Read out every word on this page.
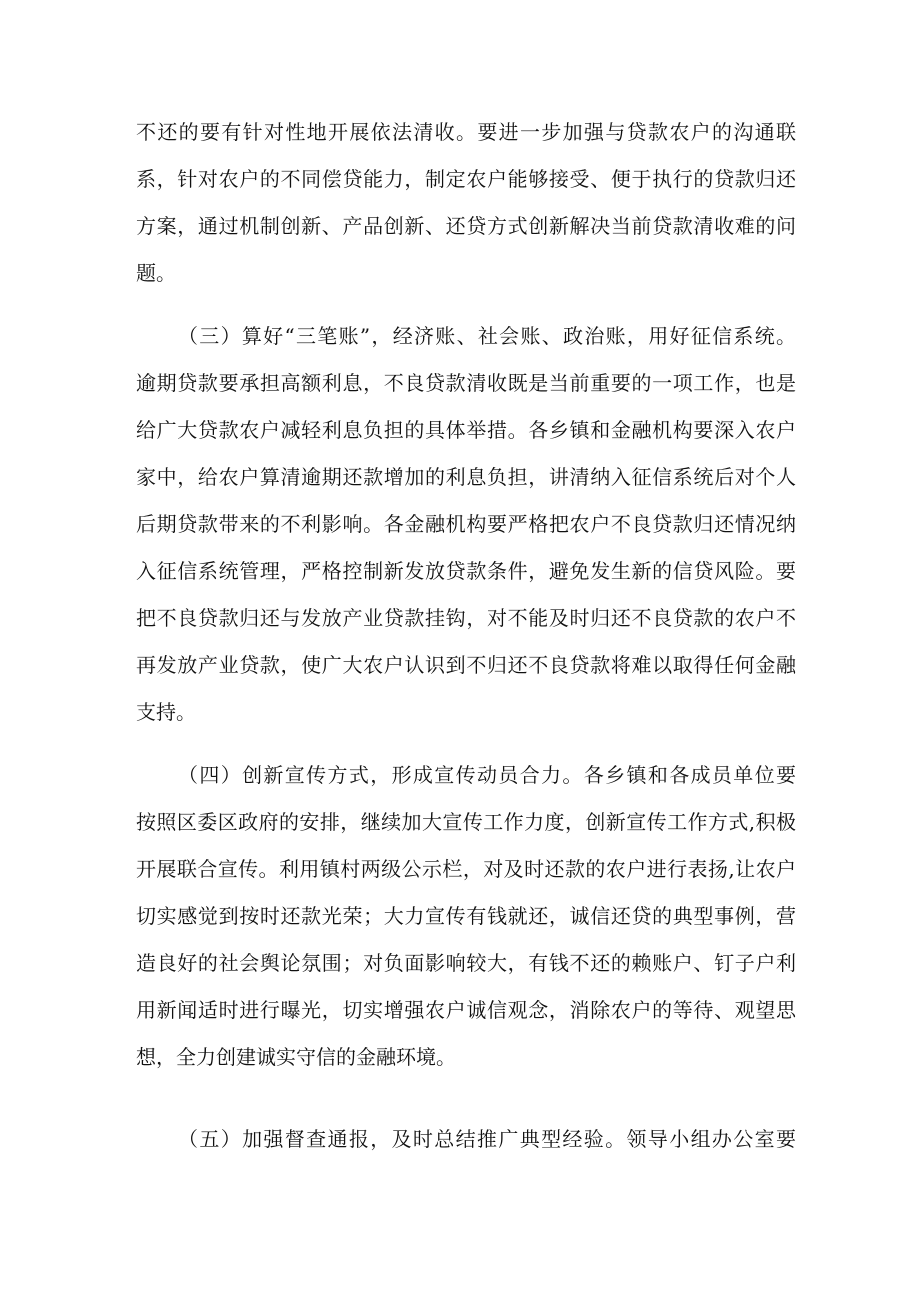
不还的要有针对性地开展依法清收。要进一步加强与贷款农户的沟通联
系，针对农户的不同偿贷能力，制定农户能够接受、便于执行的贷款归还
方案，通过机制创新、产品创新、还贷方式创新解决当前贷款清收难的问
题。
（三）算好“三笔账”，经济账、社会账、政治账，用好征信系统。
逾期贷款要承担高额利息，不良贷款清收既是当前重要的一项工作，也是
给广大贷款农户减轻利息负担的具体举措。各乡镇和金融机构要深入农户
家中，给农户算清逾期还款增加的利息负担，讲清纳入征信系统后对个人
后期贷款带来的不利影响。各金融机构要严格把农户不良贷款归还情况纳
入征信系统管理，严格控制新发放贷款条件，避免发生新的信贷风险。要
把不良贷款归还与发放产业贷款挂钩，对不能及时归还不良贷款的农户不
再发放产业贷款，使广大农户认识到不归还不良贷款将难以取得任何金融
支持。
（四）创新宣传方式，形成宣传动员合力。各乡镇和各成员单位要
按照区委区政府的安排，继续加大宣传工作力度，创新宣传工作方式,积极
开展联合宣传。利用镇村两级公示栏，对及时还款的农户进行表扬,让农户
切实感觉到按时还款光荣；大力宣传有钱就还，诚信还贷的典型事例，营
造良好的社会舆论氛围；对负面影响较大，有钱不还的赖账户、钉子户利
用新闻适时进行曝光，切实增强农户诚信观念，消除农户的等待、观望思
想，全力创建诚实守信的金融环境。
（五）加强督查通报，及时总结推广典型经验。领导小组办公室要
